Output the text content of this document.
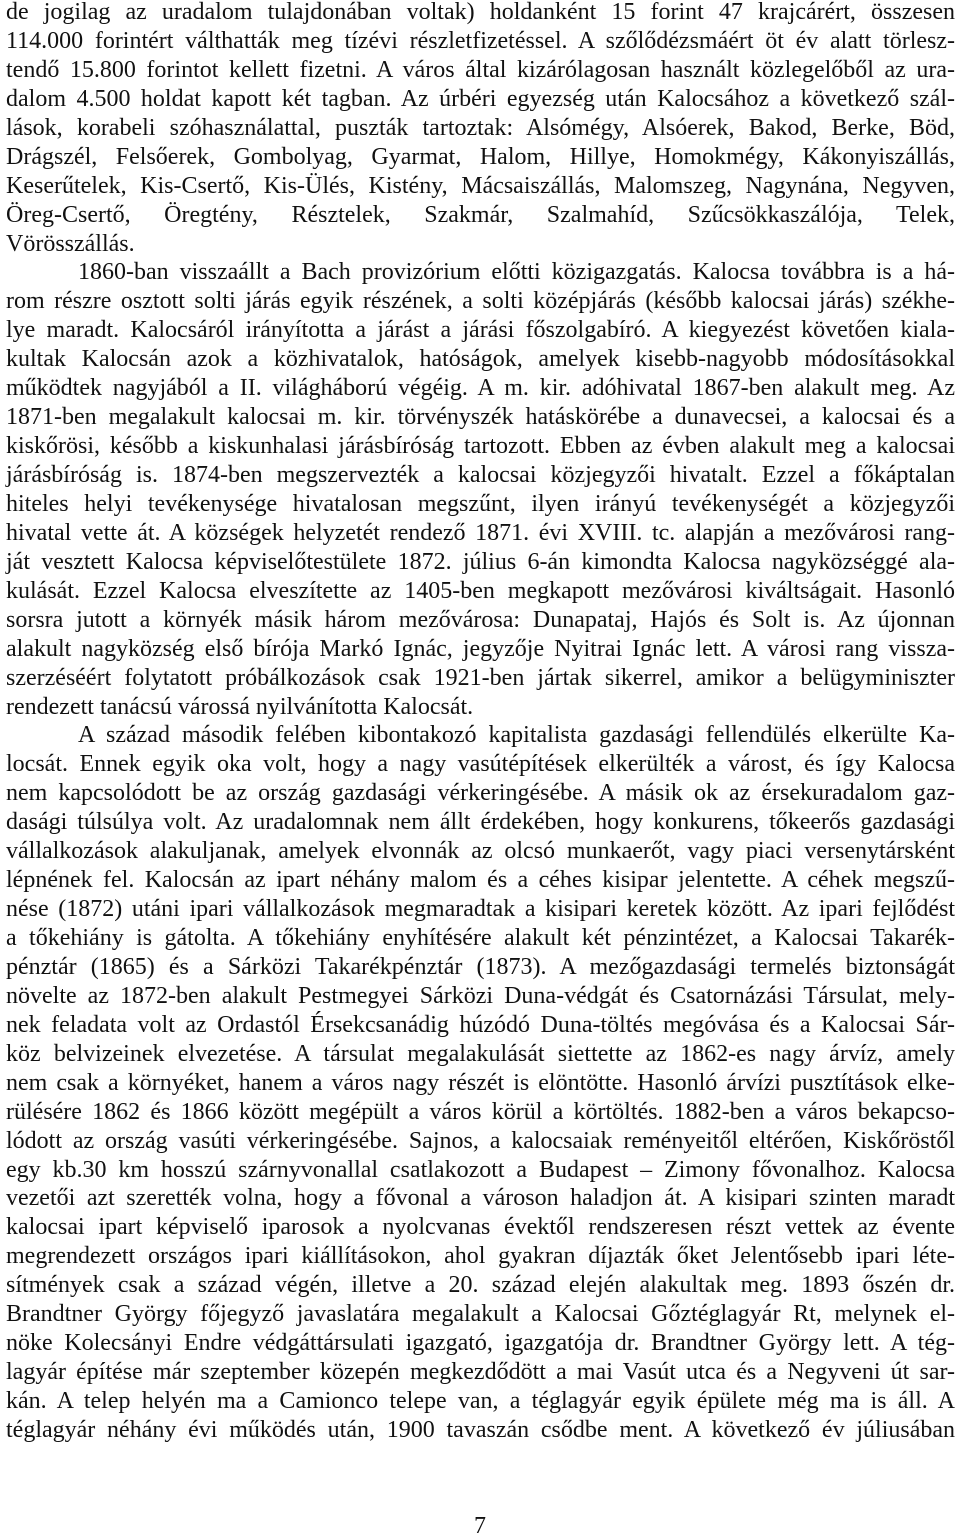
de jogilag az uradalom tulajdonában voltak) holdanként 15 forint 47 krajcárért, összesen
114.000 forintért válthatták meg tízévi részletfizetéssel. A szőlődézsmáért öt év alatt törlesz-
tendő 15.800 forintot kellett fizetni. A város által kizárólagosan használt közlegelőből az ura-
dalom 4.500 holdat kapott két tagban. Az úrbéri egyezség után Kalocsához a következő szál-
lások, korabeli szóhasználattal, puszták tartoztak: Alsómégy, Alsóerek, Bakod, Berke, Böd,
Drágszél, Felsőerek, Gombolyag, Gyarmat, Halom, Hillye, Homokmégy, Kákonyiszállás,
Keserűtelek, Kis-Csertő, Kis-Ülés, Kistény, Mácsaiszállás, Malomszeg, Nagynána, Negyven,
Öreg-Csertő, Öregtény, Résztelek, Szakmár, Szalmahíd, Szűcsökkaszálója, Telek,
Vörösszállás.
1860-ban visszaállt a Bach provizórium előtti közigazgatás. Kalocsa továbbra is a há-
rom részre osztott solti járás egyik részének, a solti középjárás (később kalocsai járás) székhe-
lye maradt. Kalocsáról irányította a járást a járási főszolgabíró. A kiegyezést követően kiala-
kultak Kalocsán azok a közhivatalok, hatóságok, amelyek kisebb-nagyobb módosításokkal
működtek nagyjából a II. világháború végéig. A m. kir. adóhivatal 1867-ben alakult meg. Az
1871-ben megalakult kalocsai m. kir. törvényszék hatáskörébe a dunavecsei, a kalocsai és a
kiskőrösi, később a kiskunhalasi járásbíróság tartozott. Ebben az évben alakult meg a kalocsai
járásbíróság is. 1874-ben megszervezték a kalocsai közjegyzői hivatalt. Ezzel a főkáptalan
hiteles helyi tevékenysége hivatalosan megszűnt, ilyen irányú tevékenységét a közjegyzői
hivatal vette át. A községek helyzetét rendező 1871. évi XVIII. tc. alapján a mezővárosi rang-
ját vesztett Kalocsa képviselőtestülete 1872. július 6-án kimondta Kalocsa nagyközséggé ala-
kulását. Ezzel Kalocsa elveszítette az 1405-ben megkapott mezővárosi kiváltságait. Hasonló
sorsra jutott a környék másik három mezővárosa: Dunapataj, Hajós és Solt is. Az újonnan
alakult nagyközség első bírója Markó Ignác, jegyzője Nyitrai Ignác lett. A városi rang vissza-
szerzéséért folytatott próbálkozások csak 1921-ben jártak sikerrel, amikor a belügyminiszter
rendezett tanácsú várossá nyilvánította Kalocsát.
A század második felében kibontakozó kapitalista gazdasági fellendülés elkerülte Ka-
locsát. Ennek egyik oka volt, hogy a nagy vasútépítések elkerülték a várost, és így Kalocsa
nem kapcsolódott be az ország gazdasági vérkeringésébe. A másik ok az érsekuradalom gaz-
dasági túlsúlya volt. Az uradalomnak nem állt érdekében, hogy konkurens, tőkeerős gazdasági
vállalkozások alakuljanak, amelyek elvonnák az olcsó munkaerőt, vagy piaci versenytársként
lépnének fel. Kalocsán az ipart néhány malom és a céhes kisipar jelentette. A céhek megszű-
nése (1872) utáni ipari vállalkozások megmaradtak a kisipari keretek között. Az ipari fejlődést
a tőkehiány is gátolta. A tőkehiány enyhítésére alakult két pénzintézet, a Kalocsai Takarék-
pénztár (1865) és a Sárközi Takarékpénztár (1873). A mezőgazdasági termelés biztonságát
növelte az 1872-ben alakult Pestmegyei Sárközi Duna-védgát és Csatornázási Társulat, mely-
nek feladata volt az Ordastól Érsekcsanádig húzódó Duna-töltés megóvása és a Kalocsai Sár-
köz belvizeinek elvezetése. A társulat megalakulását siettette az 1862-es nagy árvíz, amely
nem csak a környéket, hanem a város nagy részét is elöntötte. Hasonló árvízi pusztítások elke-
rülésére 1862 és 1866 között megépült a város körül a körtöltés. 1882-ben a város bekapcso-
lódott az ország vasúti vérkeringésébe. Sajnos, a kalocsaiak reményeitől eltérően, Kiskőröstől
egy kb.30 km hosszú szárnyvonallal csatlakozott a Budapest – Zimony fővonalhoz. Kalocsa
vezetői azt szerették volna, hogy a fővonal a városon haladjon át. A kisipari szinten maradt
kalocsai ipart képviselő iparosok a nyolcvanas évektől rendszeresen részt vettek az évente
megrendezett országos ipari kiállításokon, ahol gyakran díjazták őket Jelentősebb ipari léte-
sítmények csak a század végén, illetve a 20. század elején alakultak meg. 1893 őszén dr.
Brandtner György főjegyző javaslatára megalakult a Kalocsai Gőztéglagyár Rt, melynek el-
nöke Kolecsányi Endre védgáttársulati igazgató, igazgatója dr. Brandtner György lett. A tég-
lagyár építése már szeptember közepén megkezdődött a mai Vasút utca és a Negyveni út sar-
kán. A telep helyén ma a Camionco telepe van, a téglagyár egyik épülete még ma is áll. A
téglagyár néhány évi működés után, 1900 tavaszán csődbe ment. A következő év júliusában
7
